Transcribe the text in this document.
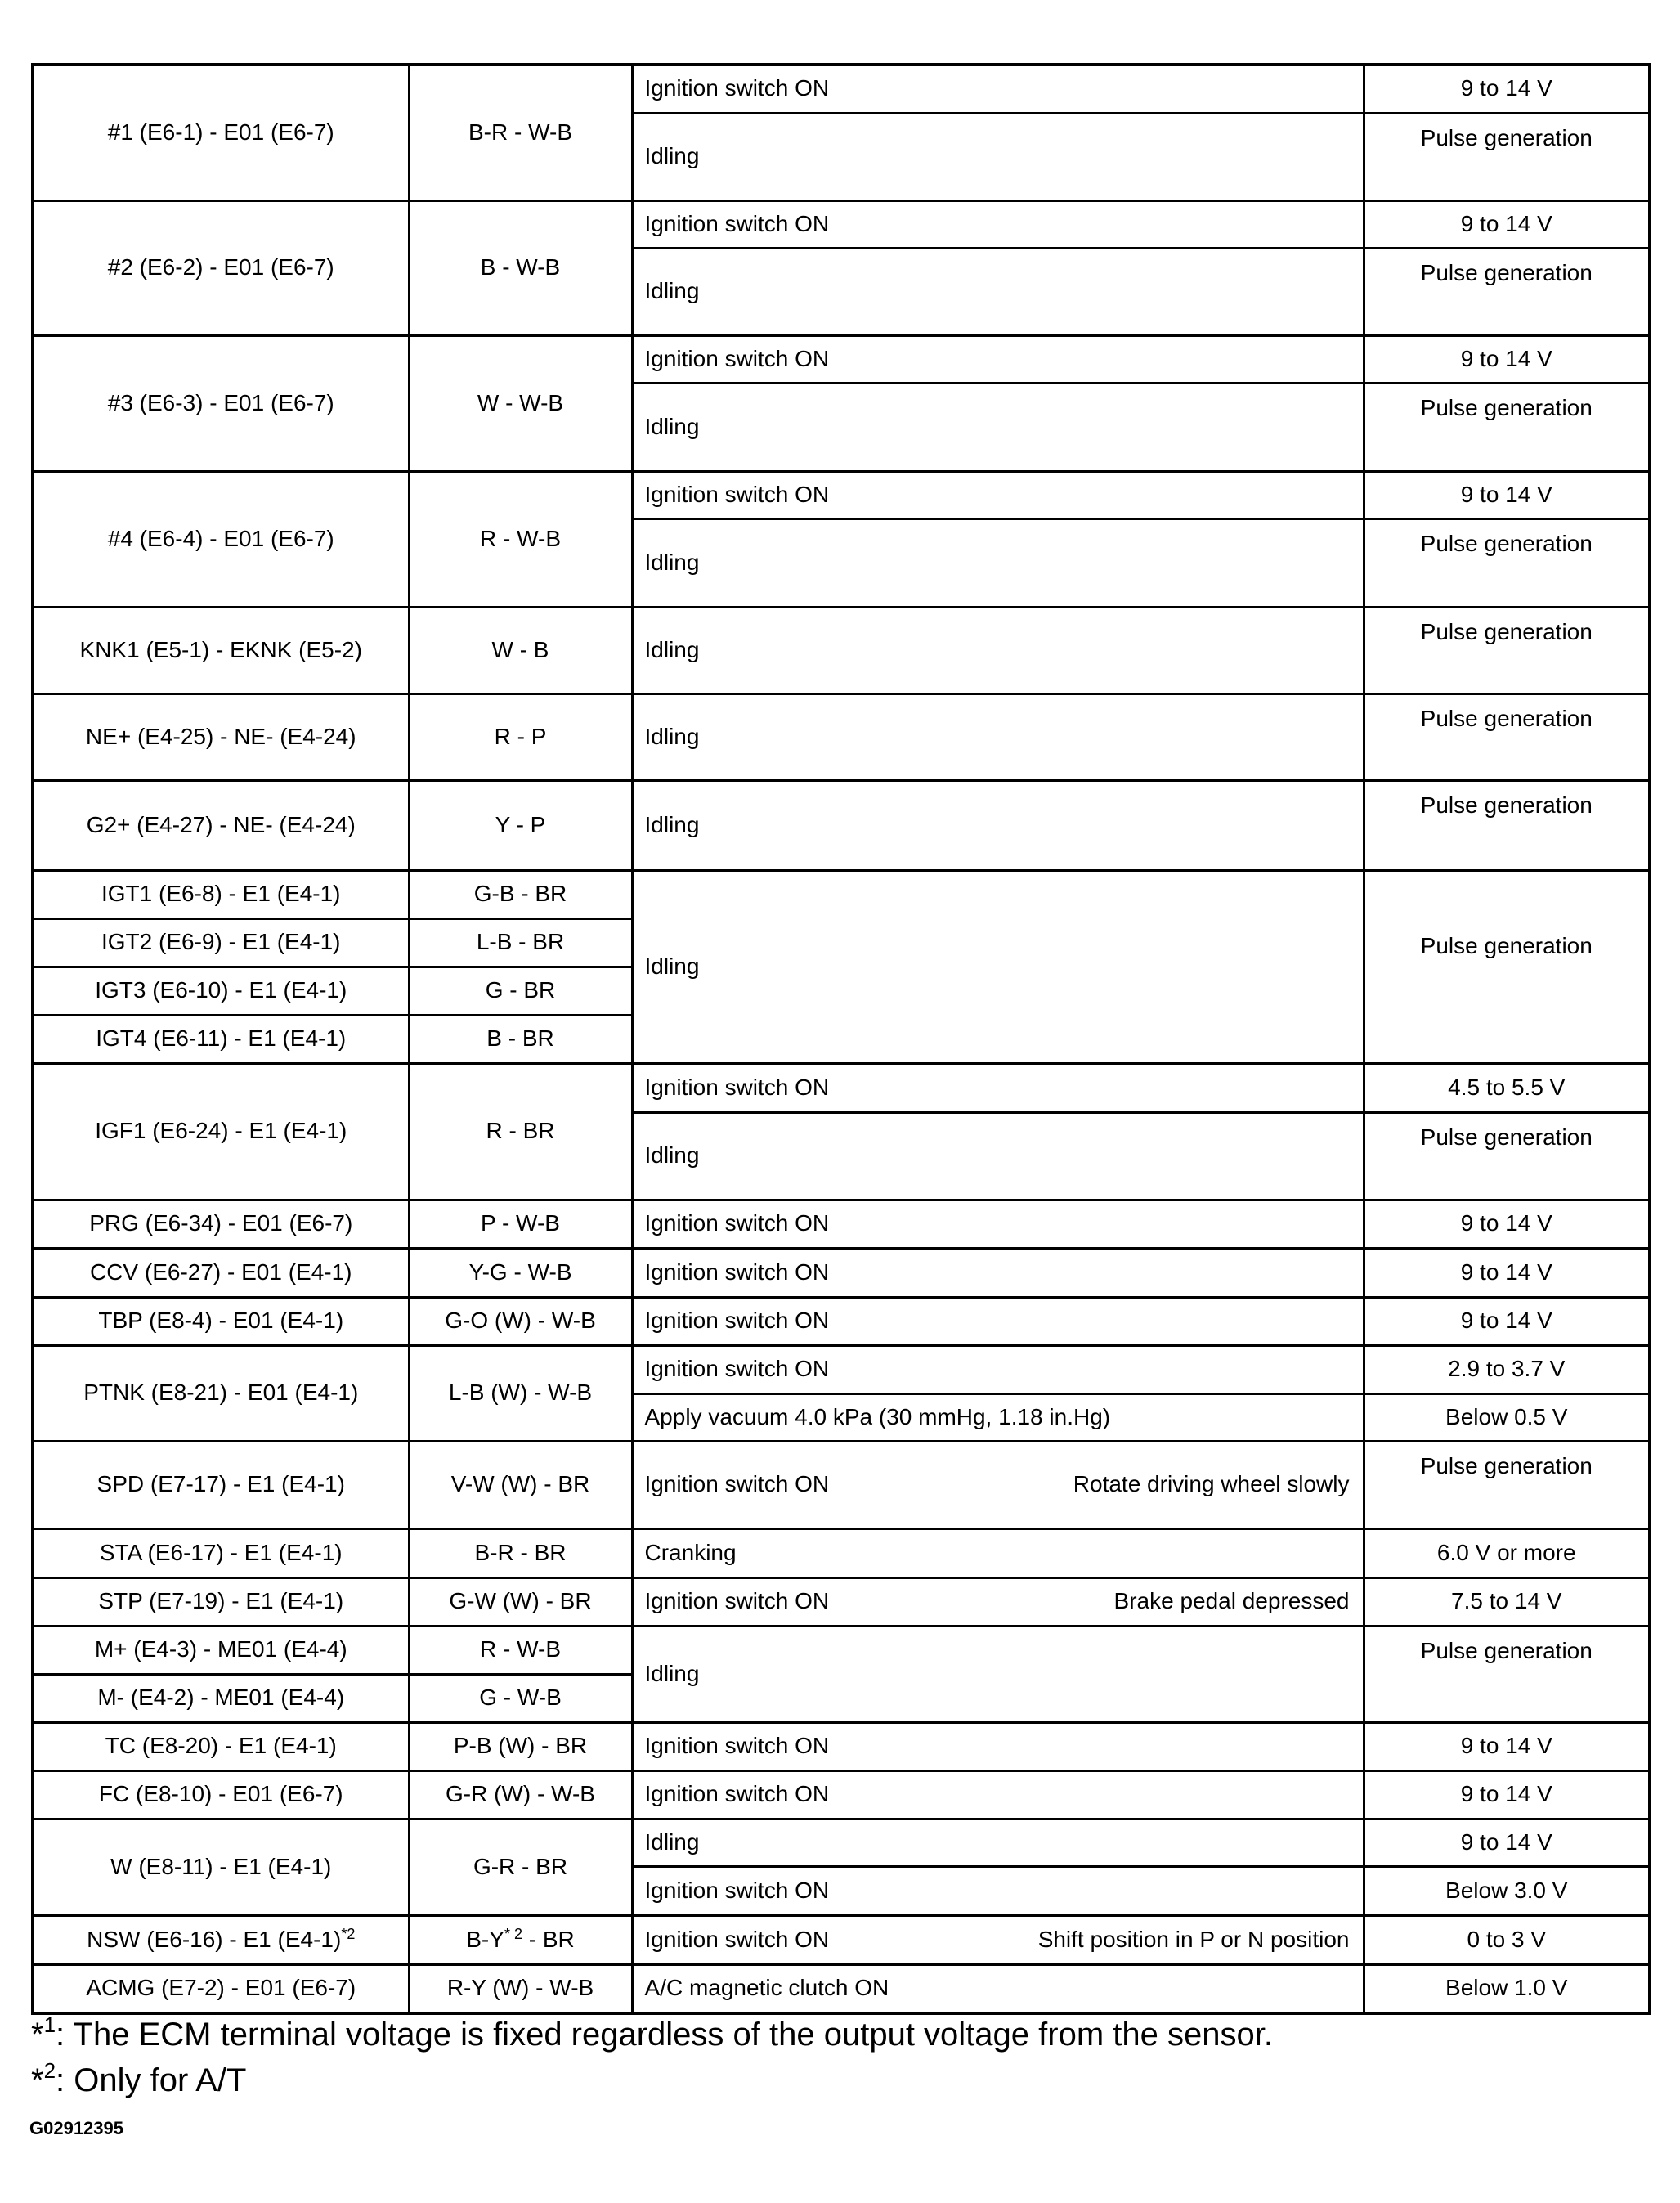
#1 (E6-1) - E01 (E6-7)	B-R - W-B	Ignition switch ON	9 to 14 V
		Idling	Pulse generation
#2 (E6-2) - E01 (E6-7)	B - W-B	Ignition switch ON	9 to 14 V
		Idling	Pulse generation
#3 (E6-3) - E01 (E6-7)	W - W-B	Ignition switch ON	9 to 14 V
		Idling	Pulse generation
#4 (E6-4) - E01 (E6-7)	R - W-B	Ignition switch ON	9 to 14 V
		Idling	Pulse generation
KNK1 (E5-1) - EKNK (E5-2)	W - B	Idling	Pulse generation
NE+ (E4-25) - NE- (E4-24)	R - P	Idling	Pulse generation
G2+ (E4-27) - NE- (E4-24)	Y - P	Idling	Pulse generation
IGT1 (E6-8) - E1 (E4-1)	G-B - BR	Idling	Pulse generation
IGT2 (E6-9) - E1 (E4-1)	L-B - BR		
IGT3 (E6-10) - E1 (E4-1)	G - BR		
IGT4 (E6-11) - E1 (E4-1)	B - BR		
IGF1 (E6-24) - E1 (E4-1)	R - BR	Ignition switch ON	4.5 to 5.5 V
		Idling	Pulse generation
PRG (E6-34) - E01 (E6-7)	P - W-B	Ignition switch ON	9 to 14 V
CCV (E6-27) - E01 (E4-1)	Y-G - W-B	Ignition switch ON	9 to 14 V
TBP (E8-4) - E01 (E4-1)	G-O (W) - W-B	Ignition switch ON	9 to 14 V
PTNK (E8-21) - E01 (E4-1)	L-B (W) - W-B	Ignition switch ON	2.9 to 3.7 V
		Apply vacuum 4.0 kPa (30 mmHg, 1.18 in.Hg)	Below 0.5 V
SPD (E7-17) - E1 (E4-1)	V-W (W) - BR	Ignition switch ON Rotate driving wheel slowly	Pulse generation
STA (E6-17) - E1 (E4-1)	B-R - BR	Cranking	6.0 V or more
STP (E7-19) - E1 (E4-1)	G-W (W) - BR	Ignition switch ON Brake pedal depressed	7.5 to 14 V
M+ (E4-3) - ME01 (E4-4)	R - W-B	Idling	Pulse generation
M- (E4-2) - ME01 (E4-4)	G - W-B		
TC (E8-20) - E1 (E4-1)	P-B (W) - BR	Ignition switch ON	9 to 14 V
FC (E8-10) - E01 (E6-7)	G-R (W) - W-B	Ignition switch ON	9 to 14 V
W (E8-11) - E1 (E4-1)	G-R - BR	Idling	9 to 14 V
		Ignition switch ON	Below 3.0 V
NSW (E6-16) - E1 $(E4-1)^{*2}$	$B-Y^{* 2}$ - BR	Ignition switch ON Shift position in P or N position	0 to 3 V
ACMG (E7-2) - E01 (E6-7)	R-Y (W) - W-B	A/C magnetic clutch ON	Below 1.0 V
*$^1$: The ECM terminal voltage is fixed regardless of the output voltage from the sensor.
*$^2$: Only for A/T
G02912395
